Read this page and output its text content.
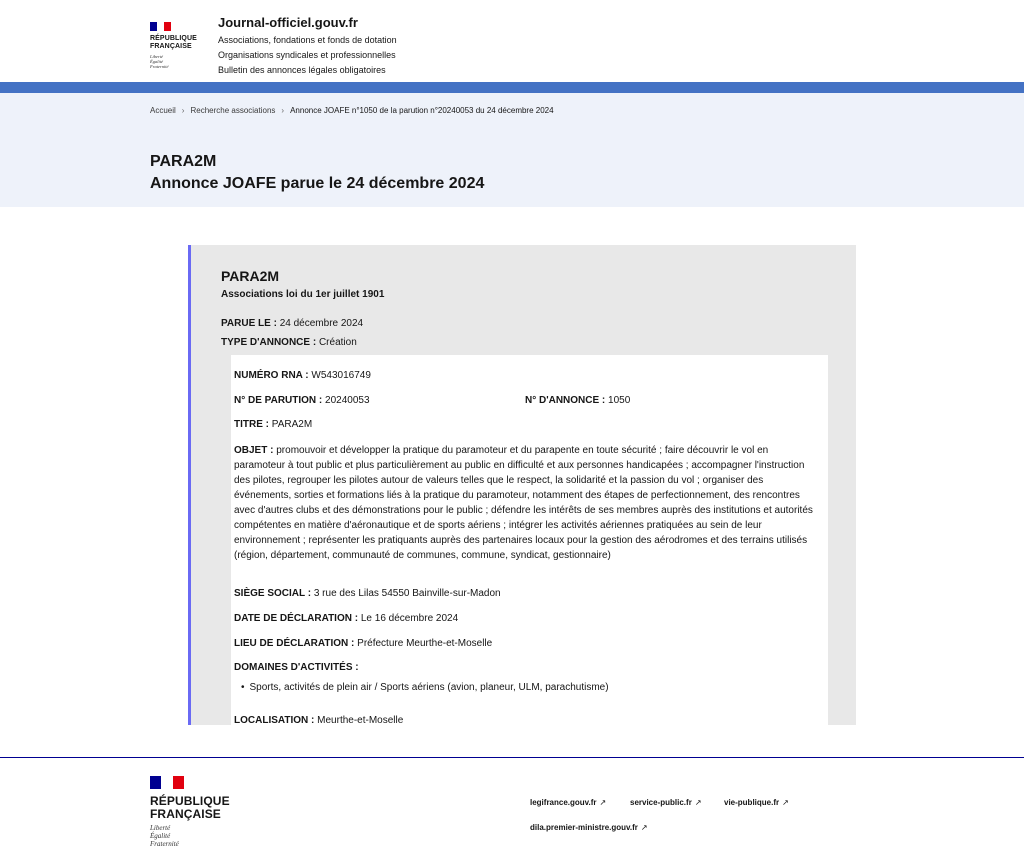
RÉPUBLIQUE
FRANÇAISE
Liberté
Égalité
Fraternité
Journal-officiel.gouv.fr
Associations, fondations et fonds de dotation
Organisations syndicales et professionnelles
Bulletin des annonces légales obligatoires
Accueil › Recherche associations › Annonce JOAFE n°1050 de la parution n°20240053 du 24 décembre 2024
PARA2M
Annonce JOAFE parue le 24 décembre 2024
PARA2M
Associations loi du 1er juillet 1901
PARUE LE : 24 décembre 2024
TYPE D'ANNONCE : Création
NUMÉRO RNA : W543016749
N° DE PARUTION : 20240053	N° D'ANNONCE : 1050
TITRE : PARA2M
OBJET : promouvoir et développer la pratique du paramoteur et du parapente en toute sécurité ; faire découvrir le vol en paramoteur à tout public et plus particulièrement au public en difficulté et aux personnes handicapées ; accompagner l'instruction des pilotes, regrouper les pilotes autour de valeurs telles que le respect, la solidarité et la passion du vol ; organiser des événements, sorties et formations liés à la pratique du paramoteur, notamment des étapes de perfectionnement, des rencontres avec d'autres clubs et des démonstrations pour le public ; défendre les intérêts de ses membres auprès des institutions et autorités compétentes en matière d'aéronautique et de sports aériens ; intégrer les activités aériennes pratiquées au sein de leur environnement ; représenter les pratiquants auprès des partenaires locaux pour la gestion des aérodromes et des terrains utilisés (région, département, communauté de communes, commune, syndicat, gestionnaire)
SIÈGE SOCIAL : 3 rue des Lilas 54550 Bainville-sur-Madon
DATE DE DÉCLARATION : Le 16 décembre 2024
LIEU DE DÉCLARATION : Préfecture Meurthe-et-Moselle
DOMAINES D'ACTIVITÉS :
• Sports, activités de plein air / Sports aériens (avion, planeur, ULM, parachutisme)
LOCALISATION : Meurthe-et-Moselle
RÉPUBLIQUE
FRANÇAISE
Liberté
Égalité
Fraternité
legifrance.gouv.fr ↗	service-public.fr ↗	vie-publique.fr ↗
dila.premier-ministre.gouv.fr ↗
